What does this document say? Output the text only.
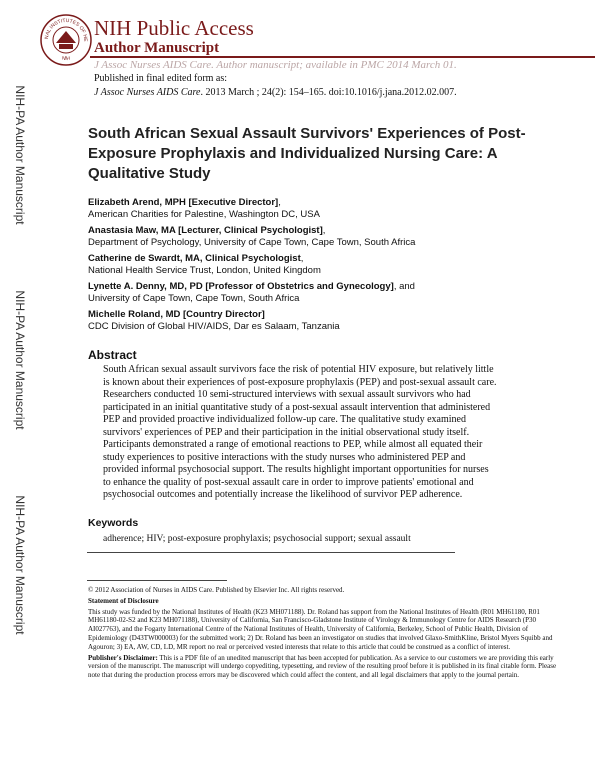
NAL INSTITUTES OF HE
NIH
NIH Public Access
Author Manuscript
J Assoc Nurses AIDS Care. Author manuscript; available in PMC 2014 March 01.
Published in final edited form as:
J Assoc Nurses AIDS Care. 2013 March ; 24(2): 154–165. doi:10.1016/j.jana.2012.02.007.
NIH-PA Author Manuscript
NIH-PA Author Manuscript
NIH-PA Author Manuscript
South African Sexual Assault Survivors' Experiences of Post-Exposure Prophylaxis and Individualized Nursing Care: A Qualitative Study
Elizabeth Arend, MPH [Executive Director],
American Charities for Palestine, Washington DC, USA
Anastasia Maw, MA [Lecturer, Clinical Psychologist],
Department of Psychology, University of Cape Town, Cape Town, South Africa
Catherine de Swardt, MA, Clinical Psychologist,
National Health Service Trust, London, United Kingdom
Lynette A. Denny, MD, PD [Professor of Obstetrics and Gynecology], and
University of Cape Town, Cape Town, South Africa
Michelle Roland, MD [Country Director]
CDC Division of Global HIV/AIDS, Dar es Salaam, Tanzania
Abstract
South African sexual assault survivors face the risk of potential HIV exposure, but relatively little is known about their experiences of post-exposure prophylaxis (PEP) and post-sexual assault care. Researchers conducted 10 semi-structured interviews with sexual assault survivors who had participated in an initial quantitative study of a post-sexual assault intervention that administered PEP and provided proactive individualized follow-up care. The qualitative study examined survivors' experiences of PEP and their participation in the initial observational study itself. Participants demonstrated a range of emotional reactions to PEP, while almost all equated their study experiences to positive interactions with the study nurses who administered PEP and provided informal psychosocial support. The results highlight important opportunities for nurses to enhance the quality of post-sexual assault care in order to improve patients' emotional and psychosocial outcomes and potentially increase the likelihood of survivor PEP adherence.
Keywords
adherence; HIV; post-exposure prophylaxis; psychosocial support; sexual assault

© 2012 Association of Nurses in AIDS Care. Published by Elsevier Inc. All rights reserved.

Statement of Disclosure

This study was funded by the National Institutes of Health (K23 MH071188). Dr. Roland has support from the National Institutes of Health (R01 MH61180, R01 MH61180-02-S2 and K23 MH071188), University of California, San Francisco-Gladstone Institute of Virology & Immunology Centre for AIDS Research (P30 AI027763), and the Fogarty International Centre of the National Institutes of Health, University of California, Berkeley, School of Public Health, Division of Epidemiology (D43TW000003) for the submitted work; 2) Dr. Roland has been an investigator on studies that involved Glaxo-SmithKline, Bristol Myers Squibb and Agouron; 3) EA, AW, CD, LD, MR report no real or perceived vested interests that relate to this article that could be construed as a conflict of interest.

Publisher's Disclaimer: This is a PDF file of an unedited manuscript that has been accepted for publication. As a service to our customers we are providing this early version of the manuscript. The manuscript will undergo copyediting, typesetting, and review of the resulting proof before it is published in its final citable form. Please note that during the production process errors may be discovered which could affect the content, and all legal disclaimers that apply to the journal pertain.
